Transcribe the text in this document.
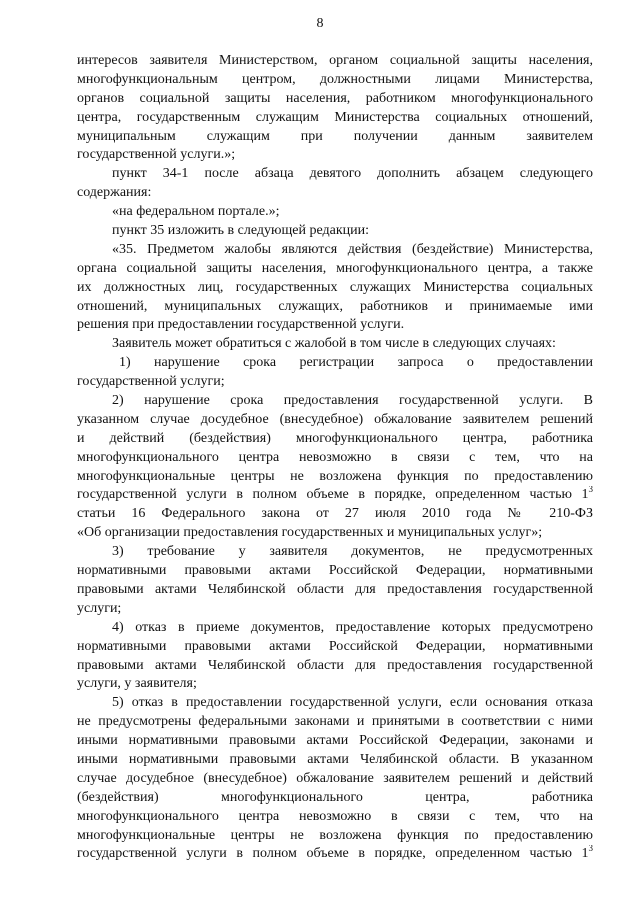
8
интересов заявителя Министерством, органом социальной защиты населения,
многофункциональным центром, должностными лицами Министерства,
органов социальной защиты населения, работником многофункционального
центра, государственным служащим Министерства социальных отношений,
муниципальным служащим при получении данным заявителем
государственной услуги.»;
пункт 34-1 после абзаца девятого дополнить абзацем следующего
содержания:
«на федеральном портале.»;
пункт 35 изложить в следующей редакции:
«35. Предметом жалобы являются действия (бездействие) Министерства,
органа социальной защиты населения, многофункционального центра, а также
их должностных лиц, государственных служащих Министерства социальных
отношений, муниципальных служащих, работников и принимаемые ими
решения при предоставлении государственной услуги.
Заявитель может обратиться с жалобой в том числе в следующих случаях:
1) нарушение срока регистрации запроса о предоставлении
государственной услуги;
2) нарушение срока предоставления государственной услуги. В
указанном случае досудебное (внесудебное) обжалование заявителем решений
и действий (бездействия) многофункционального центра, работника
многофункционального центра невозможно в связи с тем, что на
многофункциональные центры не возложена функция по предоставлению
государственной услуги в полном объеме в порядке, определенном частью $1^3$
статьи 16 Федерального закона от 27 июля 2010 года № 210-ФЗ
«Об организации предоставления государственных и муниципальных услуг»;
3) требование у заявителя документов, не предусмотренных
нормативными правовыми актами Российской Федерации, нормативными
правовыми актами Челябинской области для предоставления государственной
услуги;
4) отказ в приеме документов, предоставление которых предусмотрено
нормативными правовыми актами Российской Федерации, нормативными
правовыми актами Челябинской области для предоставления государственной
услуги, у заявителя;
5) отказ в предоставлении государственной услуги, если основания отказа
не предусмотрены федеральными законами и принятыми в соответствии с ними
иными нормативными правовыми актами Российской Федерации, законами и
иными нормативными правовыми актами Челябинской области. В указанном
случае досудебное (внесудебное) обжалование заявителем решений и действий
(бездействия) многофункционального центра, работника
многофункционального центра невозможно в связи с тем, что на
многофункциональные центры не возложена функция по предоставлению
государственной услуги в полном объеме в порядке, определенном частью $1^3$
